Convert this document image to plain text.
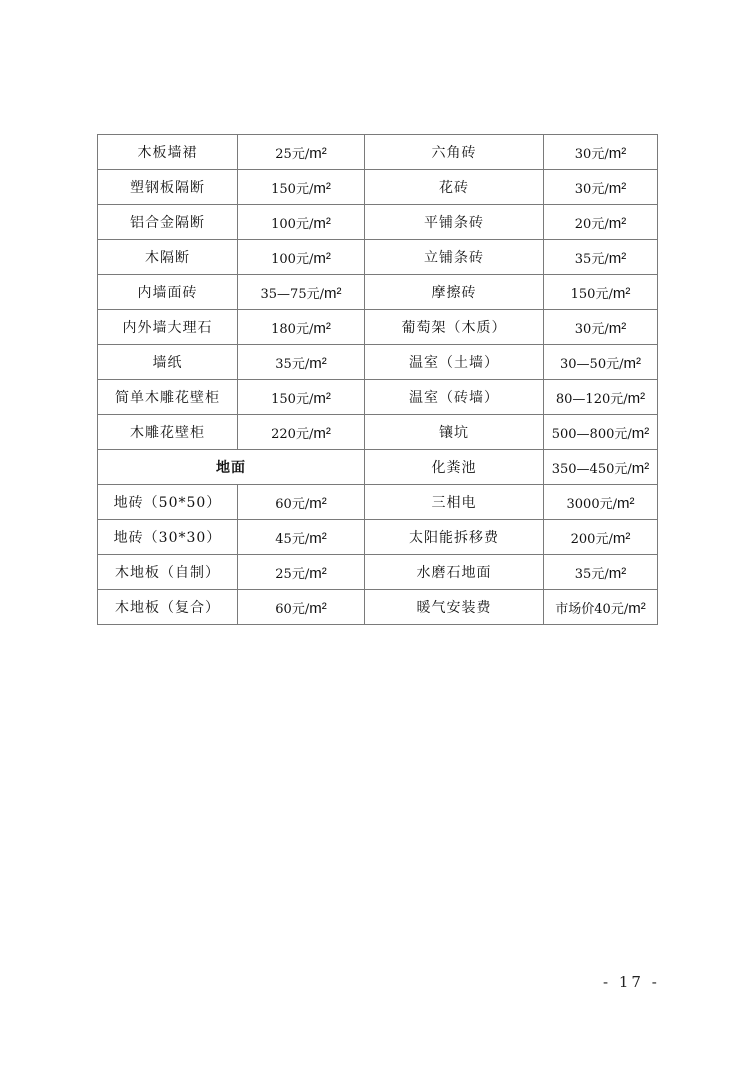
木板墙裙	25元/m²	六角砖	30元/m²
塑钢板隔断	150元/m²	花砖	30元/m²
铝合金隔断	100元/m²	平铺条砖	20元/m²
木隔断	100元/m²	立铺条砖	35元/m²
内墙面砖	35—75元/m²	摩擦砖	150元/m²
内外墙大理石	180元/m²	葡萄架（木质）	30元/m²
墙纸	35元/m²	温室（土墙）	30—50元/m²
简单木雕花壁柜	150元/m²	温室（砖墙）	80—120元/m²
木雕花壁柜	220元/m²	镶坑	500—800元/m²
地面		化粪池	350—450元/m²
地砖（50*50）	60元/m²	三相电	3000元/m²
地砖（30*30）	45元/m²	太阳能拆移费	200元/m²
木地板（自制）	25元/m²	水磨石地面	35元/m²
木地板（复合）	60元/m²	暖气安装费	市场价40元/m²
- 17 -
